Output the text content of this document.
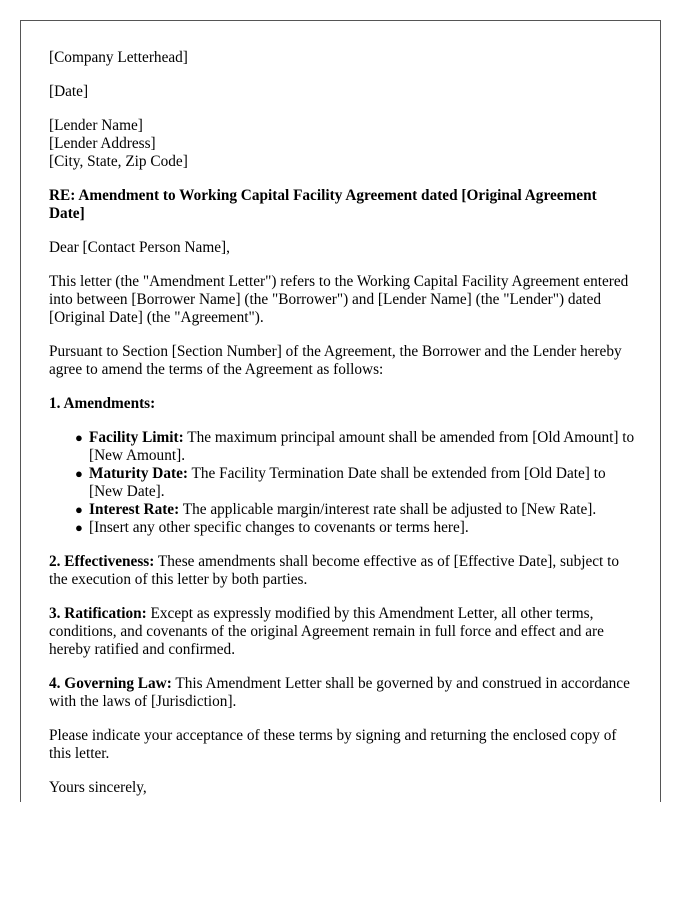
[Company Letterhead]

[Date]

[Lender Name]
[Lender Address]
[City, State, Zip Code]

RE: Amendment to Working Capital Facility Agreement dated [Original Agreement Date]

Dear [Contact Person Name],

This letter (the "Amendment Letter") refers to the Working Capital Facility Agreement entered into between [Borrower Name] (the "Borrower") and [Lender Name] (the "Lender") dated [Original Date] (the "Agreement").

Pursuant to Section [Section Number] of the Agreement, the Borrower and the Lender hereby agree to amend the terms of the Agreement as follows:

1. Amendments:

● Facility Limit: The maximum principal amount shall be amended from [Old Amount] to [New Amount].
● Maturity Date: The Facility Termination Date shall be extended from [Old Date] to [New Date].
● Interest Rate: The applicable margin/interest rate shall be adjusted to [New Rate].
● [Insert any other specific changes to covenants or terms here].

2. Effectiveness: These amendments shall become effective as of [Effective Date], subject to the execution of this letter by both parties.

3. Ratification: Except as expressly modified by this Amendment Letter, all other terms, conditions, and covenants of the original Agreement remain in full force and effect and are hereby ratified and confirmed.

4. Governing Law: This Amendment Letter shall be governed by and construed in accordance with the laws of [Jurisdiction].

Please indicate your acceptance of these terms by signing and returning the enclosed copy of this letter.

Yours sincerely,
